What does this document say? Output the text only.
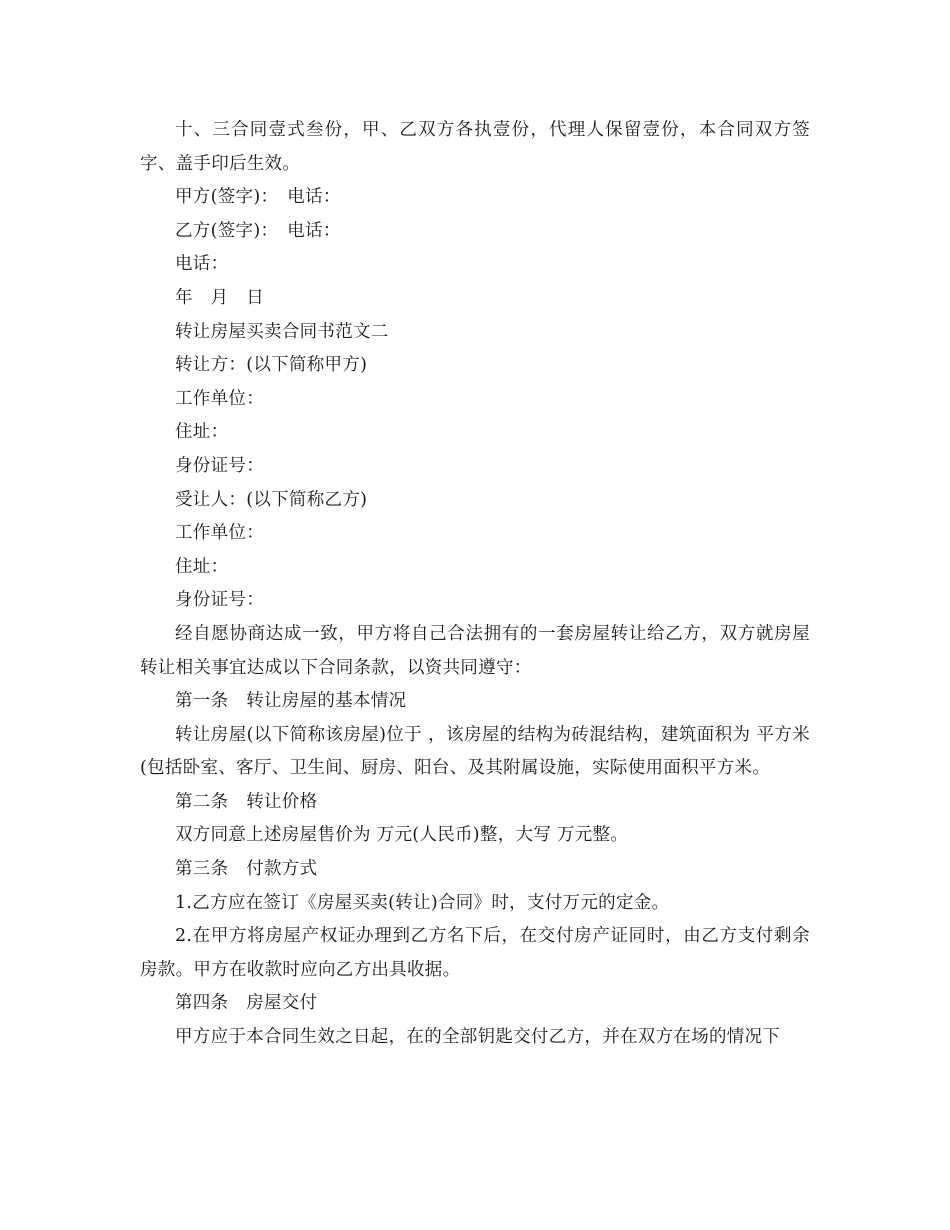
十、三合同壹式叁份，甲、乙双方各执壹份，代理人保留壹份，本合同双方签字、盖手印后生效。

甲方(签字)：　电话：

乙方(签字)：　电话：

电话：

年　月　日

转让房屋买卖合同书范文二

转让方：(以下简称甲方)

工作单位：

住址：

身份证号：

受让人：(以下简称乙方)

工作单位：

住址：

身份证号：

经自愿协商达成一致，甲方将自己合法拥有的一套房屋转让给乙方，双方就房屋转让相关事宜达成以下合同条款，以资共同遵守：

第一条　转让房屋的基本情况

转让房屋(以下简称该房屋)位于 ，该房屋的结构为砖混结构，建筑面积为 平方米(包括卧室、客厅、卫生间、厨房、阳台、及其附属设施，实际使用面积平方米。

第二条　转让价格

双方同意上述房屋售价为 万元(人民币)整，大写 万元整。

第三条　付款方式

1.乙方应在签订《房屋买卖(转让)合同》时，支付万元的定金。

2.在甲方将房屋产权证办理到乙方名下后，在交付房产证同时，由乙方支付剩余房款。甲方在收款时应向乙方出具收据。

第四条　房屋交付

甲方应于本合同生效之日起，在的全部钥匙交付乙方，并在双方在场的情况下
